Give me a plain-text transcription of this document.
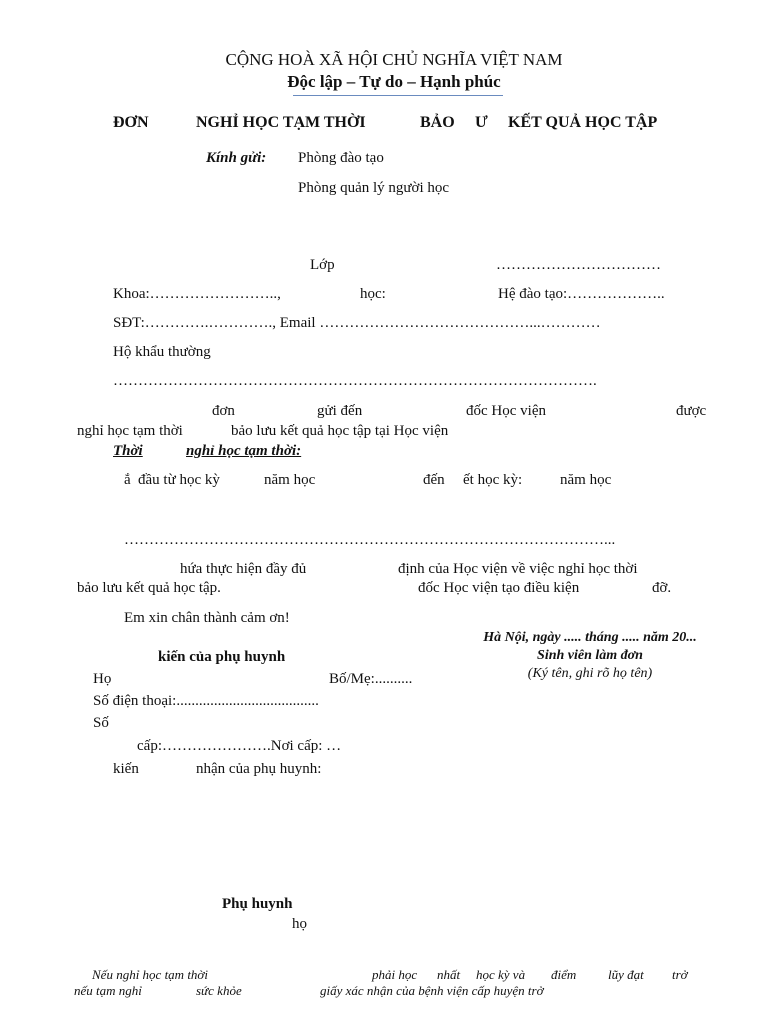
CỘNG HOÀ XÃ HỘI CHỦ NGHĨA VIỆT NAM
Độc lập – Tự do – Hạnh phúc
ĐƠN	NGHỈ HỌC TẠM THỜI	BẢO Ư KẾT QUẢ HỌC TẬP
Kính gửi: Phòng đào tạo
Phòng quản lý người học
Lớp	……………………………
Khoa:……………………..,	học:	Hệ đào tạo:………………..
SĐT:………….…………., Email ……………………………………...…………
Hộ khẩu thường
…………………………………………………………………………………….
đơn	gửi đến	đốc Học viện	được
nghỉ học tạm thời	bảo lưu kết quả học tập tại Học viện
Thời	nghỉ học tạm thời:
ắ đầu từ học kỳ	năm học	đến ết học kỳ:	năm học
……………………………………………………………………………………...
hứa thực hiện đầy đủ	định của Học viện về việc nghỉ học thời
bảo lưu kết quả học tập.	đốc Học viện tạo điều kiện	đỡ.
Em xin chân thành cảm ơn!
Hà Nội, ngày ..... tháng ..... năm 20...
Sinh viên làm đơn
(Ký tên, ghi rõ họ tên)
kiến của phụ huynh
Họ	Bố/Mẹ:..........
Số điện thoại:......................................
Số
cấp:………………….Nơi cấp: …
kiến	nhận của phụ huynh:
Phụ huynh
họ
Nếu nghỉ học tạm thời	phải học nhất học kỳ và điểm lũy đạt trở
nếu tạm nghỉ	sức khỏe	giấy xác nhận của bệnh viện cấp huyện trở
